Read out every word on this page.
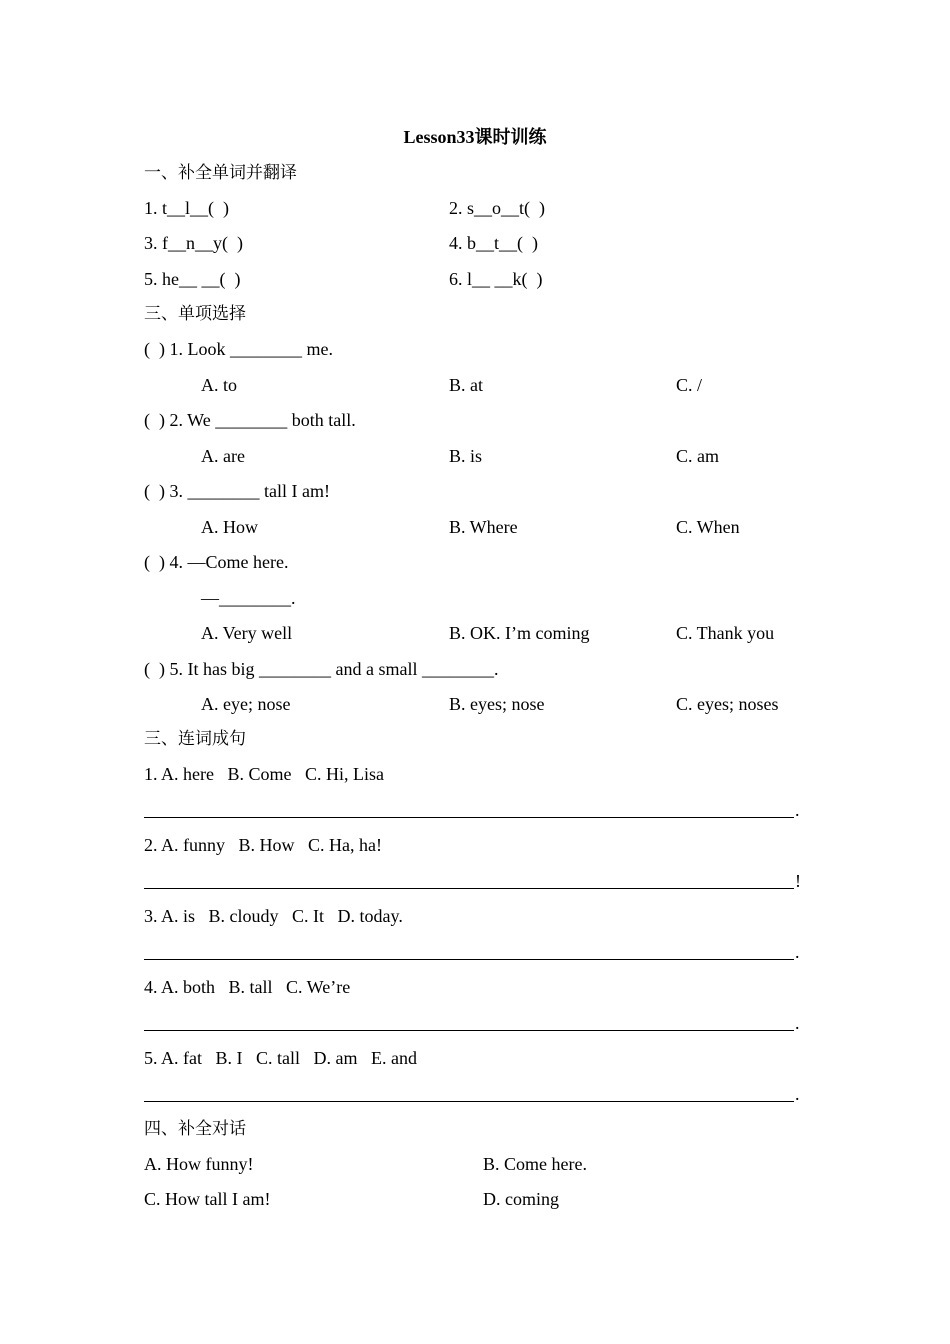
Lesson33课时训练
一、补全单词并翻译
1. t__l__(  )	2. s__o__t(  )
3. f__n__y(  )	4. b__t__(  )
5. he__ __(  )	6. l__ __k(  )
三、单项选择
(  ) 1. Look ________ me.
A. to	B. at	C. /
(  ) 2. We ________ both tall.
A. are	B. is	C. am
(  ) 3. ________ tall I am!
A. How	B. Where	C. When
(  ) 4. —Come here.
—________.
A. Very well	B. OK. I’m coming	C. Thank you
(  ) 5. It has big ________ and a small ________.
A. eye; nose	B. eyes; nose	C. eyes; noses
三、连词成句
1. A. here   B. Come   C. Hi, Lisa
.
2. A. funny   B. How   C. Ha, ha!
!
3. A. is   B. cloudy   C. It   D. today.
.
4. A. both   B. tall   C. We’re
.
5. A. fat   B. I   C. tall   D. am   E. and
.
四、补全对话
A. How funny!	B. Come here.
C. How tall I am!	D. coming
